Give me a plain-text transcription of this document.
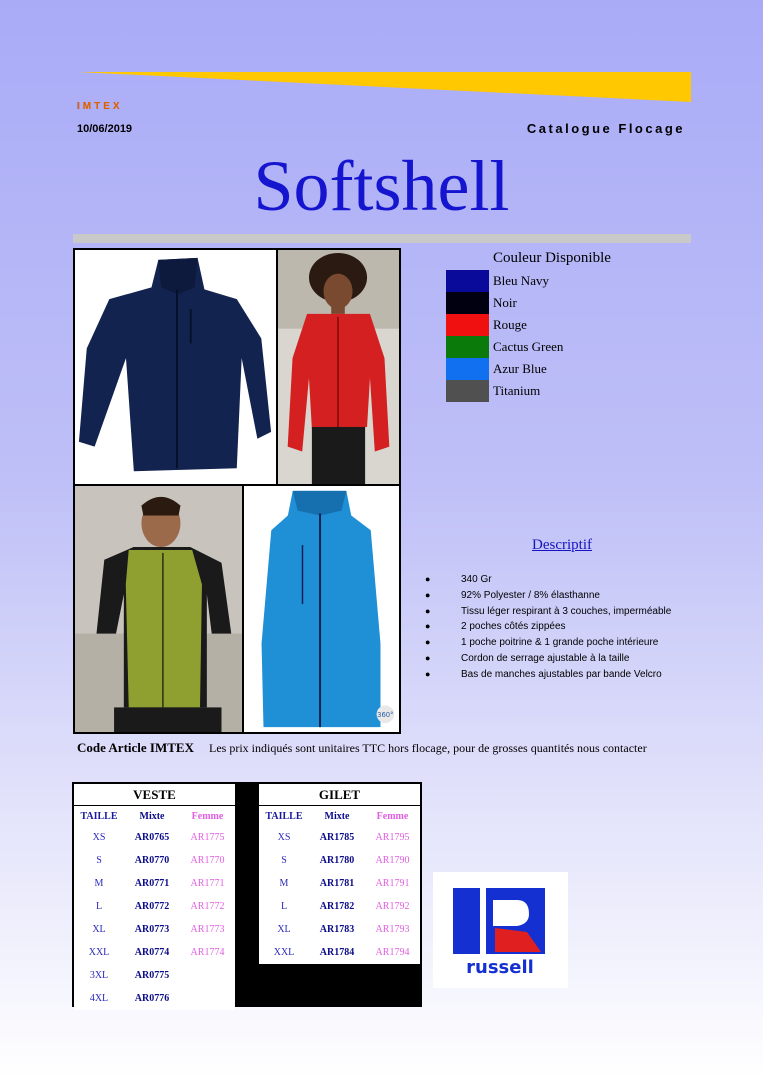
IMTEX
10/06/2019	Catalogue Flocage
Softshell
360°
Couleur Disponible
Bleu Navy
Noir
Rouge
Cactus Green
Azur Blue
Titanium
Descriptif
●	340 Gr
●	92% Polyester / 8% élasthanne
●	Tissu léger respirant à 3 couches, imperméable
●	2 poches côtés zippées
●	1 poche poitrine & 1 grande poche intérieure
●	Cordon de serrage ajustable à la taille
●	Bas de manches ajustables par bande Velcro
Code Article IMTEX Les prix indiqués sont unitaires TTC hors flocage, pour de grosses quantités nous contacter
VESTE
TAILLE	Mixte	Femme
XS	AR0765	AR1775
S	AR0770	AR1770
M	AR0771	AR1771
L	AR0772	AR1772
XL	AR0773	AR1773
XXL	AR0774	AR1774
3XL	AR0775
4XL	AR0776
GILET
TAILLE	Mixte	Femme
XS	AR1785	AR1795
S	AR1780	AR1790
M	AR1781	AR1791
L	AR1782	AR1792
XL	AR1783	AR1793
XXL	AR1784	AR1794
russell
